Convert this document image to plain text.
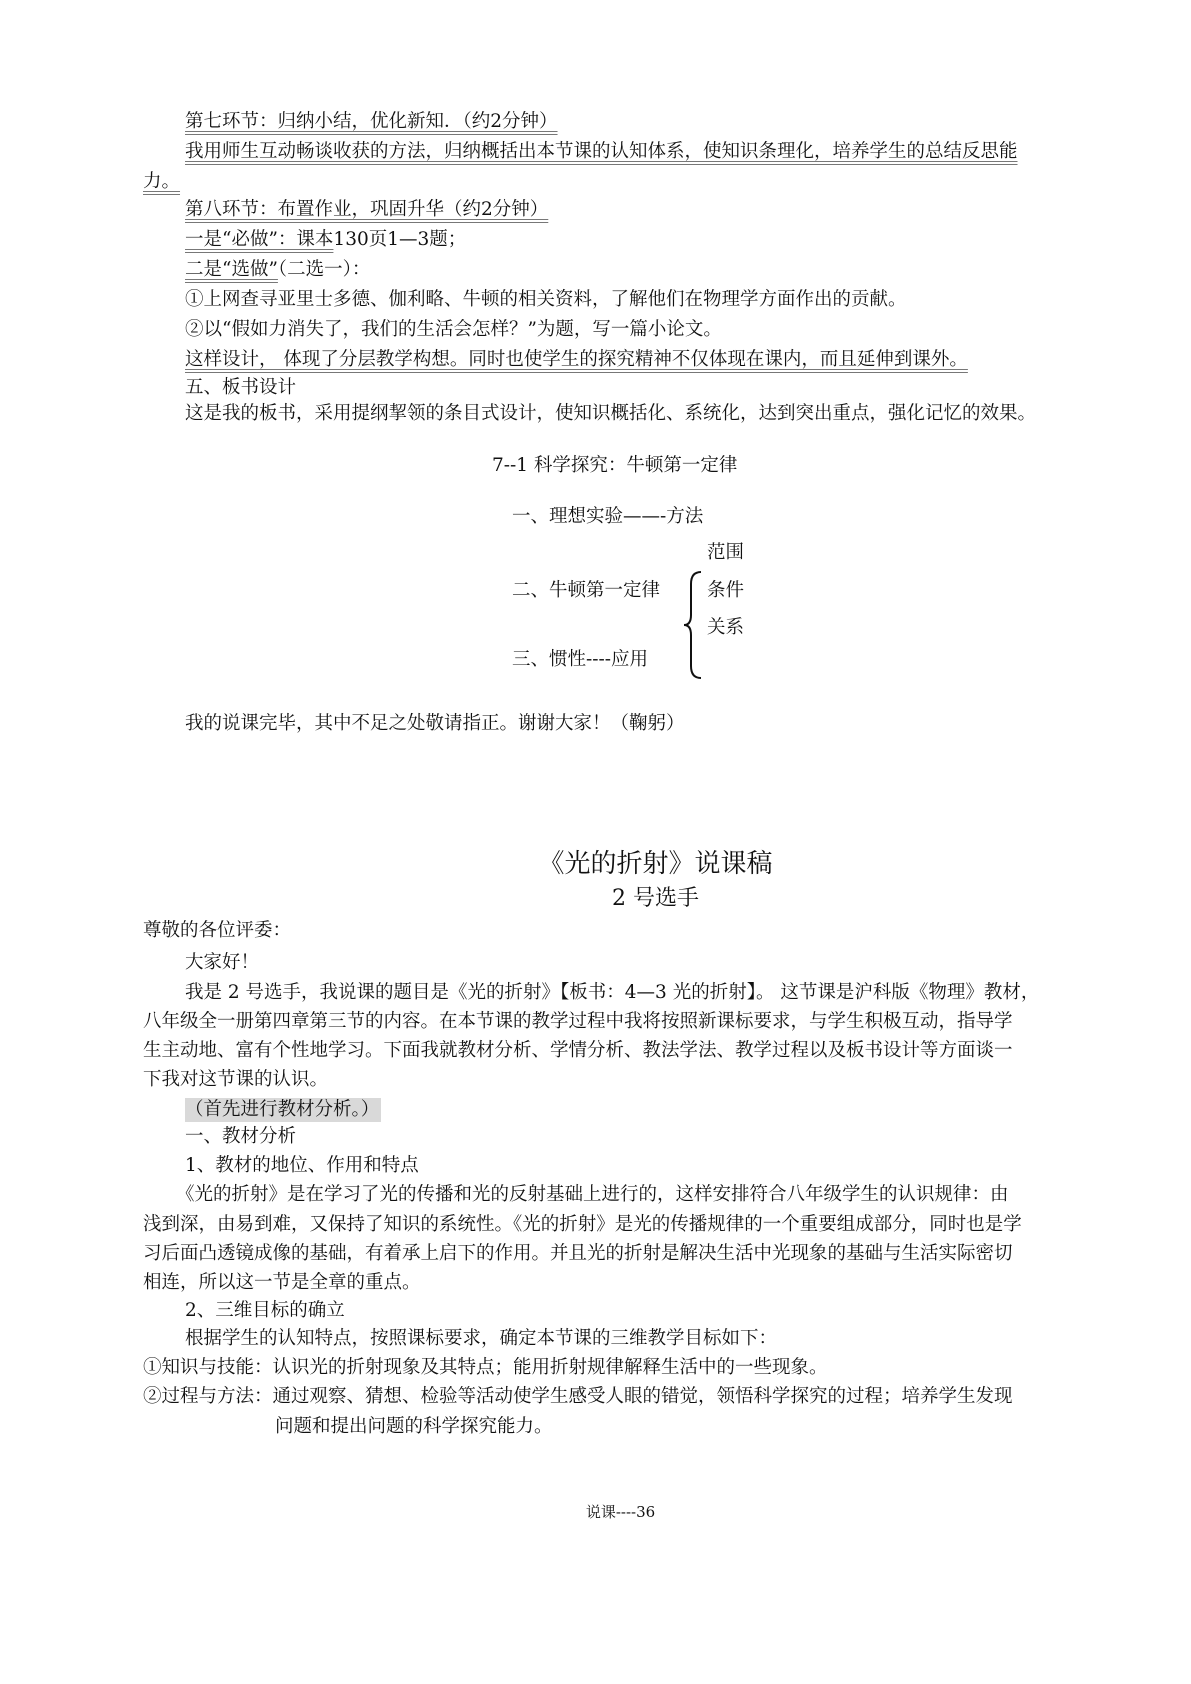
第七环节：归纳小结，优化新知．（约2分钟）
我用师生互动畅谈收获的方法，归纳概括出本节课的认知体系，使知识条理化，培养学生的总结反思能
力。
第八环节：布置作业，巩固升华（约2分钟）
一是“必做”：课本130页1—3题；
二是“选做”（二选一）：
①上网查寻亚里士多德、伽利略、牛顿的相关资料，了解他们在物理学方面作出的贡献。
②以“假如力消失了，我们的生活会怎样？”为题，写一篇小论文。
这样设计， 体现了分层教学构想。同时也使学生的探究精神不仅体现在课内，而且延伸到课外。
五、板书设计
这是我的板书，采用提纲挈领的条目式设计，使知识概括化、系统化，达到突出重点，强化记忆的效果。
7--1 科学探究：牛顿第一定律
一、理想实验——-方法
二、牛顿第一定律
范围
条件
关系
三、惯性----应用
我的说课完毕，其中不足之处敬请指正。谢谢大家！（鞠躬）
《光的折射》说课稿
2 号选手
尊敬的各位评委：
大家好！
我是 2 号选手，我说课的题目是《光的折射》【板书：4—3 光的折射】。 这节课是沪科版《物理》教材，
八年级全一册第四章第三节的内容。在本节课的教学过程中我将按照新课标要求，与学生积极互动，指导学
生主动地、富有个性地学习。下面我就教材分析、学情分析、教法学法、教学过程以及板书设计等方面谈一
下我对这节课的认识。
（首先进行教材分析。）
一、教材分析
1、教材的地位、作用和特点
《光的折射》是在学习了光的传播和光的反射基础上进行的，这样安排符合八年级学生的认识规律：由
浅到深，由易到难，又保持了知识的系统性。《光的折射》是光的传播规律的一个重要组成部分，同时也是学
习后面凸透镜成像的基础，有着承上启下的作用。并且光的折射是解决生活中光现象的基础与生活实际密切
相连，所以这一节是全章的重点。
2、三维目标的确立
根据学生的认知特点，按照课标要求，确定本节课的三维教学目标如下：
①知识与技能：认识光的折射现象及其特点；能用折射规律解释生活中的一些现象。
②过程与方法：通过观察、猜想、检验等活动使学生感受人眼的错觉，领悟科学探究的过程；培养学生发现
问题和提出问题的科学探究能力。
说课----36
